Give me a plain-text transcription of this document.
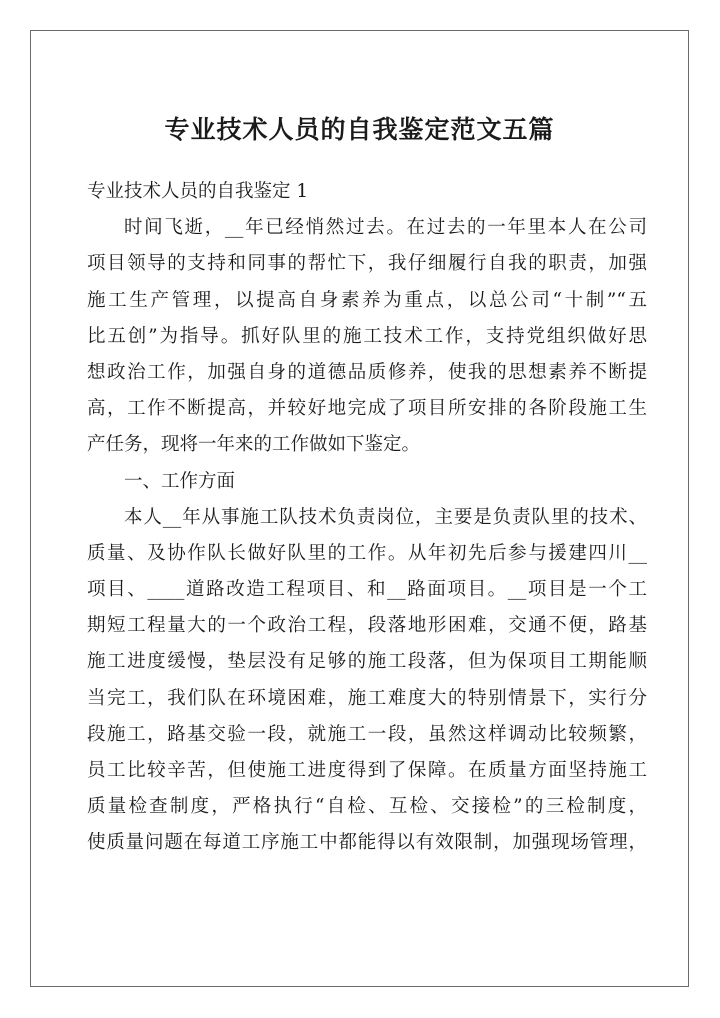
专业技术人员的自我鉴定范文五篇
专业技术人员的自我鉴定 1
时间飞逝，__年已经悄然过去。在过去的一年里本人在公司
项目领导的支持和同事的帮忙下，我仔细履行自我的职责，加强
施工生产管理，以提高自身素养为重点，以总公司“十制”“五
比五创”为指导。抓好队里的施工技术工作，支持党组织做好思
想政治工作，加强自身的道德品质修养，使我的思想素养不断提
高，工作不断提高，并较好地完成了项目所安排的各阶段施工生
产任务，现将一年来的工作做如下鉴定。
一、工作方面
本人__年从事施工队技术负责岗位，主要是负责队里的技术、
质量、及协作队长做好队里的工作。从年初先后参与援建四川__
项目、____道路改造工程项目、和__路面项目。__项目是一个工
期短工程量大的一个政治工程，段落地形困难，交通不便，路基
施工进度缓慢，垫层没有足够的施工段落，但为保项目工期能顺
当完工，我们队在环境困难，施工难度大的特别情景下，实行分
段施工，路基交验一段，就施工一段，虽然这样调动比较频繁，
员工比较辛苦，但使施工进度得到了保障。在质量方面坚持施工
质量检查制度，严格执行“自检、互检、交接检”的三检制度，
使质量问题在每道工序施工中都能得以有效限制，加强现场管理，
